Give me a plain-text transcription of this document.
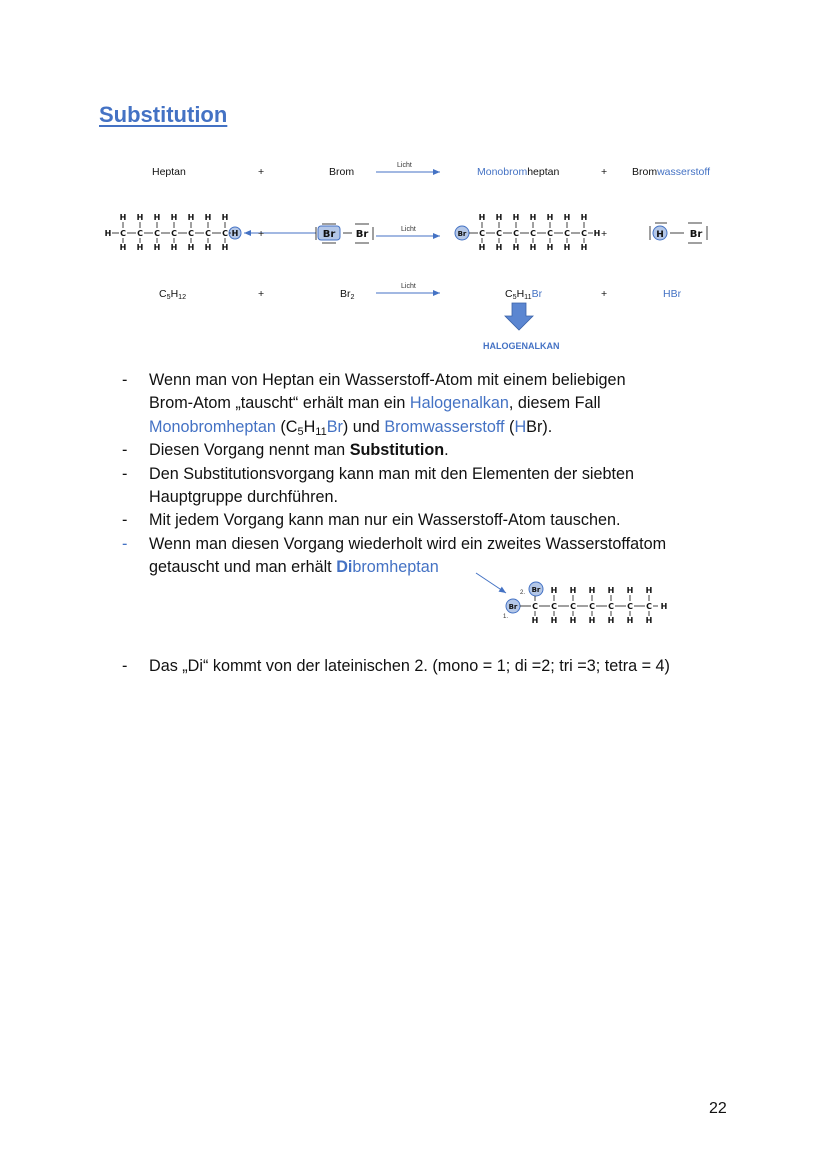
Substitution
Heptan	+	Brom
Licht
Monobromheptan	+ Bromwasserstoff
H C
H
H
C
H
H
C
H
H
C
H
H
C
H
H
C
H
H
C
H
H
H	Br C
H
H
C
H
H
C
H
H
C
H
H
C
H
H
C
H
H
C
H
H
H	H	Br
Br C
H
C
H
H
C
H
H
C
H
H
C
H
H
C
H
H
C
H
H
Br
H
Br Br
+	Licht	+
$C_5H_{12}$	+	$Br_2$
Licht
$C_5H_{11}Br$	+	HBr
HALOGENALKAN
- Wenn man von Heptan ein Wasserstoff-Atom mit einem beliebigen
Brom-Atom „tauscht“ erhält man ein Halogenalkan, diesem Fall
Monobromheptan $(C_5H_{11}Br)$ und Bromwasserstoff (HBr).
- Diesen Vorgang nennt man Substitution.
- Den Substitutionsvorgang kann man mit den Elementen der siebten
Hauptgruppe durchführen.
- Mit jedem Vorgang kann man nur ein Wasserstoff-Atom tauschen.
- Wenn man diesen Vorgang wiederholt wird ein zweites Wasserstoffatom
getauscht und man erhält Dibromheptan
- Das „Di“ kommt von der lateinischen 2. (mono = 1; di =2; tri =3; tetra = 4)
2.
1.
22
